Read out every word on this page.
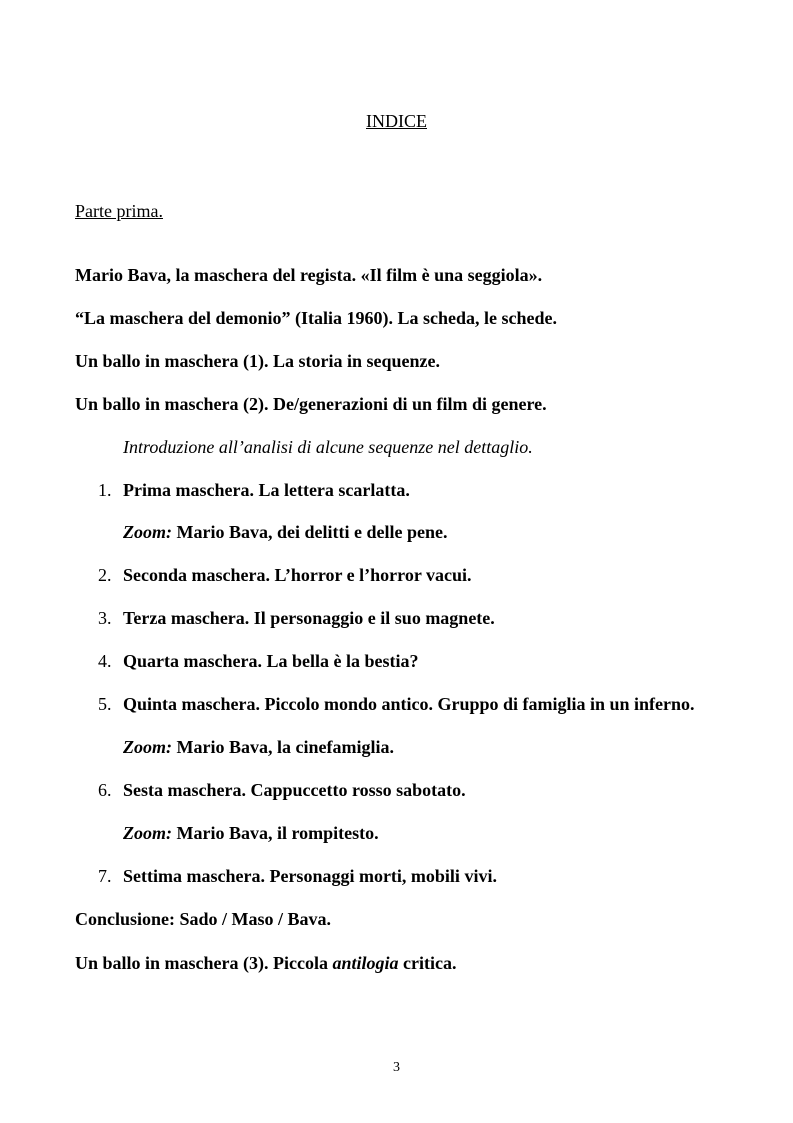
INDICE
Parte prima.
Mario Bava, la maschera del regista. «Il film è una seggiola».
“La maschera del demonio” (Italia 1960). La scheda, le schede.
Un ballo in maschera (1). La storia in sequenze.
Un ballo in maschera (2). De/generazioni di un film di genere.
Introduzione all’analisi di alcune sequenze nel dettaglio.
1. Prima maschera. La lettera scarlatta.
Zoom: Mario Bava, dei delitti e delle pene.
2. Seconda maschera. L’horror e l’horror vacui.
3. Terza maschera. Il personaggio e il suo magnete.
4. Quarta maschera. La bella è la bestia?
5. Quinta maschera. Piccolo mondo antico. Gruppo di famiglia in un inferno.
Zoom: Mario Bava, la cinefamiglia.
6. Sesta maschera. Cappuccetto rosso sabotato.
Zoom: Mario Bava, il rompitesto.
7. Settima maschera. Personaggi morti, mobili vivi.
Conclusione: Sado / Maso / Bava.
Un ballo in maschera (3). Piccola antilogia critica.
3
